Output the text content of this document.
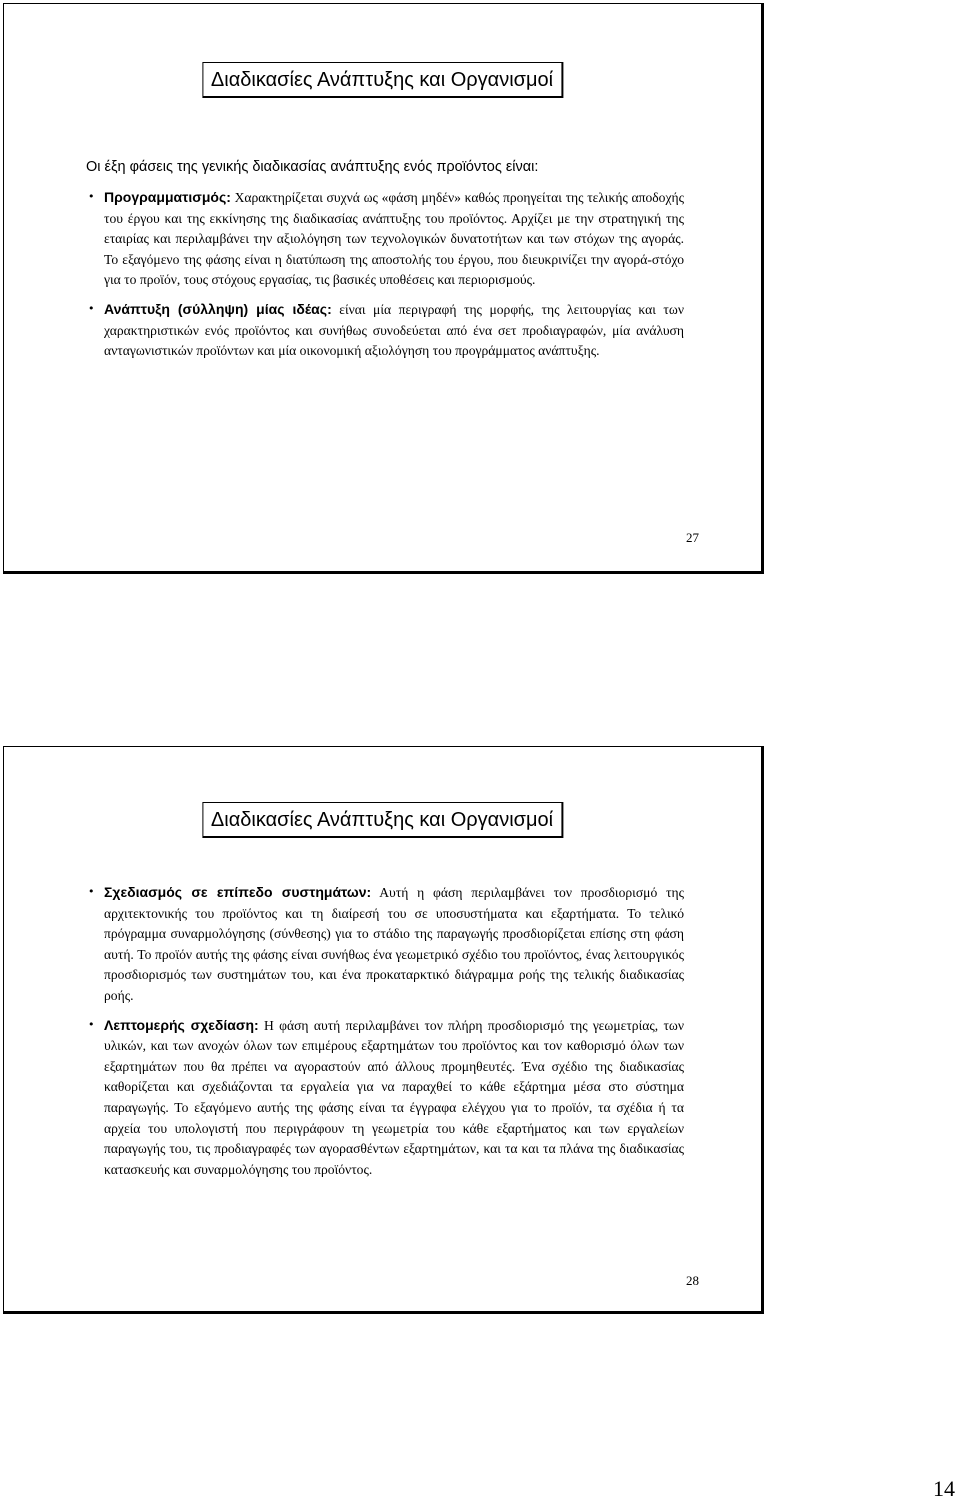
Διαδικασίες Ανάπτυξης και Οργανισμοί
Οι έξη φάσεις της γενικής διαδικασίας ανάπτυξης ενός προϊόντος είναι:
• Προγραμματισμός: Χαρακτηρίζεται συχνά ως «φάση μηδέν» καθώς προηγείται της τελικής αποδοχής του έργου και της εκκίνησης της διαδικασίας ανάπτυξης του προϊόντος. Αρχίζει με την στρατηγική της εταιρίας και περιλαμβάνει την αξιολόγηση των τεχνολογικών δυνατοτήτων και των στόχων της αγοράς. Το εξαγόμενο της φάσης είναι η διατύπωση της αποστολής του έργου, που διευκρινίζει την αγορά-στόχο για το προϊόν, τους στόχους εργασίας, τις βασικές υποθέσεις και περιορισμούς.
• Ανάπτυξη (σύλληψη) μίας ιδέας: είναι μία περιγραφή της μορφής, της λειτουργίας και των χαρακτηριστικών ενός προϊόντος και συνήθως συνοδεύεται από ένα σετ προδιαγραφών, μία ανάλυση ανταγωνιστικών προϊόντων και μία οικονομική αξιολόγηση του προγράμματος ανάπτυξης.
27
Διαδικασίες Ανάπτυξης και Οργανισμοί
• Σχεδιασμός σε επίπεδο συστημάτων: Αυτή η φάση περιλαμβάνει τον προσδιορισμό της αρχιτεκτονικής του προϊόντος και τη διαίρεσή του σε υποσυστήματα και εξαρτήματα. Το τελικό πρόγραμμα συναρμολόγησης (σύνθεσης) για το στάδιο της παραγωγής προσδιορίζεται επίσης στη φάση αυτή. Το προϊόν αυτής της φάσης είναι συνήθως ένα γεωμετρικό σχέδιο του προϊόντος, ένας λειτουργικός προσδιορισμός των συστημάτων του, και ένα προκαταρκτικό διάγραμμα ροής της τελικής διαδικασίας ροής.
• Λεπτομερής σχεδίαση: Η φάση αυτή περιλαμβάνει τον πλήρη προσδιορισμό της γεωμετρίας, των υλικών, και των ανοχών όλων των επιμέρους εξαρτημάτων του προϊόντος και τον καθορισμό όλων των εξαρτημάτων που θα πρέπει να αγοραστούν από άλλους προμηθευτές. Ένα σχέδιο της διαδικασίας καθορίζεται και σχεδιάζονται τα εργαλεία για να παραχθεί το κάθε εξάρτημα μέσα στο σύστημα παραγωγής. Το εξαγόμενο αυτής της φάσης είναι τα έγγραφα ελέγχου για το προϊόν, τα σχέδια ή τα αρχεία του υπολογιστή που περιγράφουν τη γεωμετρία του κάθε εξαρτήματος και των εργαλείων παραγωγής του, τις προδιαγραφές των αγορασθέντων εξαρτημάτων, και τα και τα πλάνα της διαδικασίας κατασκευής και συναρμολόγησης του προϊόντος.
28
14
